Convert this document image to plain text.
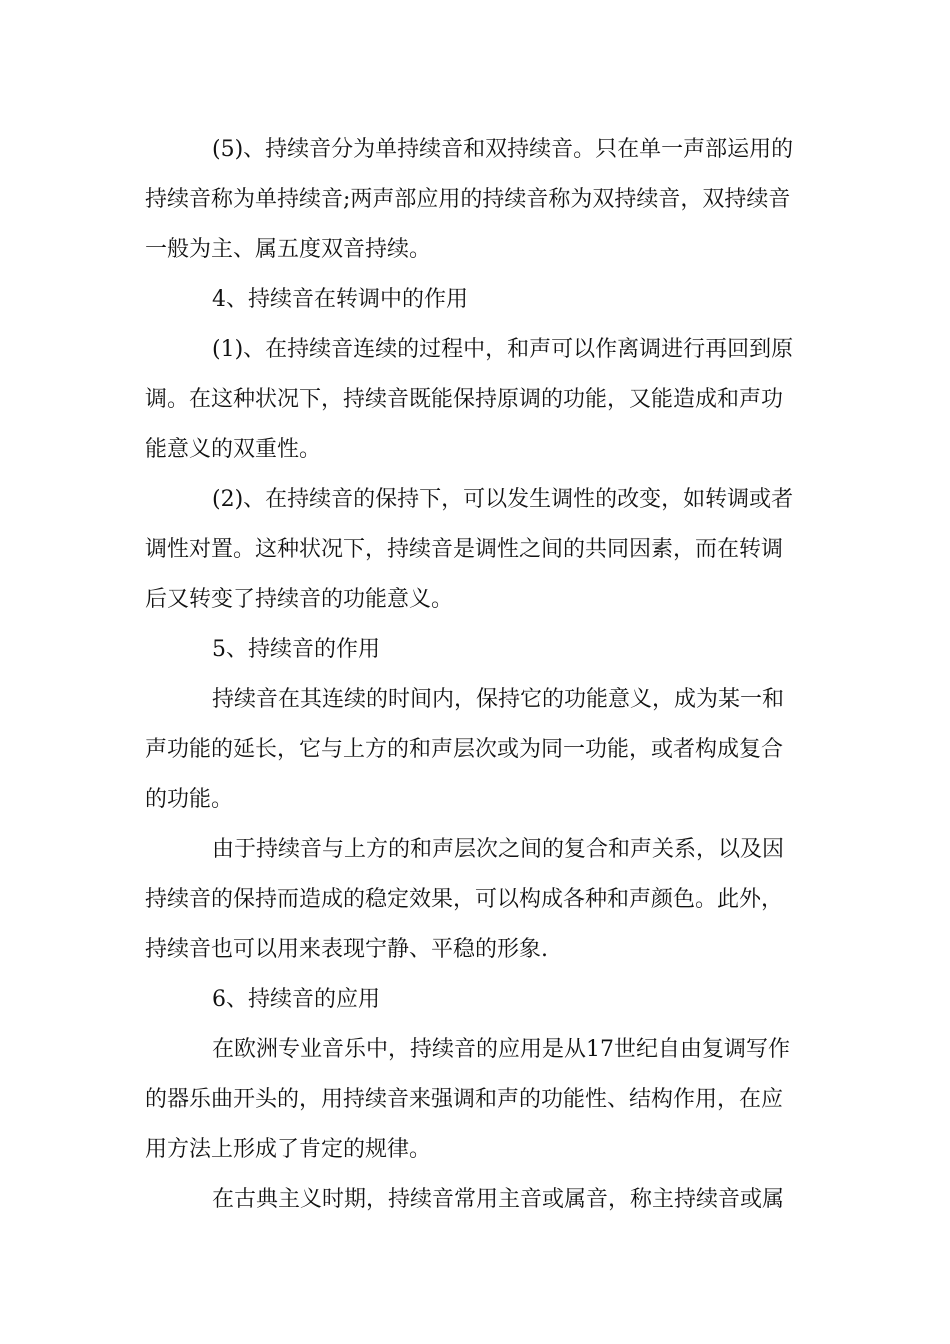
(5)、持续音分为单持续音和双持续音。只在单一声部运用的

持续音称为单持续音;两声部应用的持续音称为双持续音，双持续音

一般为主、属五度双音持续。

4、持续音在转调中的作用

(1)、在持续音连续的过程中，和声可以作离调进行再回到原

调。在这种状况下，持续音既能保持原调的功能，又能造成和声功

能意义的双重性。

(2)、在持续音的保持下，可以发生调性的改变，如转调或者

调性对置。这种状况下，持续音是调性之间的共同因素，而在转调

后又转变了持续音的功能意义。

5、持续音的作用

持续音在其连续的时间内，保持它的功能意义，成为某一和

声功能的延长，它与上方的和声层次或为同一功能，或者构成复合

的功能。

由于持续音与上方的和声层次之间的复合和声关系，以及因

持续音的保持而造成的稳定效果，可以构成各种和声颜色。此外，

持续音也可以用来表现宁静、平稳的形象.

6、持续音的应用

在欧洲专业音乐中，持续音的应用是从17世纪自由复调写作

的器乐曲开头的，用持续音来强调和声的功能性、结构作用，在应

用方法上形成了肯定的规律。

在古典主义时期，持续音常用主音或属音，称主持续音或属
